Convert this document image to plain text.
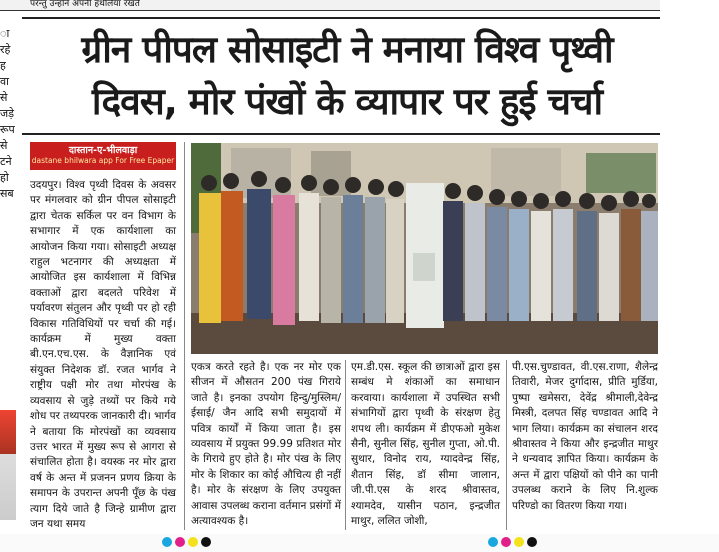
परन्तु उन्होंने अपनी हथेलियाँ रखते
ा
रहे
ह
वा
से
जड़े
रूप
से
टने
हो
सब
ग्रीन पीपल सोसाइटी ने मनाया विश्व पृथ्वी
दिवस, मोर पंखों के व्यापार पर हुई चर्चा
दास्तान-ए-भीलवाड़ा
dastane bhilwara app For Free Epaper
उदयपुर। विश्व पृथ्वी दिवस के अवसर पर मंगलवार को ग्रीन पीपल सोसाइटी द्वारा चेतक सर्किल पर वन विभाग के सभागार में एक कार्यशाला का आयोजन किया गया। सोसाइटी अध्यक्ष राहुल भटनागर की अध्यक्षता में आयोजित इस कार्यशाला में विभिन्न वक्ताओं द्वारा बदलते परिवेश में पर्यावरण संतुलन और पृथ्वी पर हो रही विकास गतिविधियों पर चर्चा की गई। कार्यक्रम में मुख्य वक्ता बी.एन.एच.एस. के वैज्ञानिक एवं संयुक्त निदेशक डॉ. रजत भार्गव ने राष्ट्रीय पक्षी मोर तथा मोरपंख के व्यवसाय से जुड़े तथ्यों पर किये गये शोध पर तथ्यपरक जानकारी दी। भार्गव ने बताया कि मोरपंखों का व्यवसाय उत्तर भारत में मुख्य रूप से आगरा से संचालित होता है। वयस्क नर मोर द्वारा वर्ष के अन्त में प्रजनन प्रणय क्रिया के समापन के उपरान्त अपनी पूँछ के पंख त्याग दिये जाते है जिन्हे ग्रामीण द्वारा जन यथा समय
एकत्र करते रहते है। एक नर मोर एक सीजन में औसतन 200 पंख गिराये जाते है। इनका उपयोग हिन्दु/मुस्लिम/ईसाई/ जैन आदि सभी समुदायों में पवित्र कार्यों में किया जाता है। इस व्यवसाय में प्रयुक्त 99.99 प्रतिशत मोर के गिराये हुए होते है। मोर पंख के लिए मोर के शिकार का कोई औचित्य ही नहीं है। मोर के संरक्षण के लिए उपयुक्त आवास उपलब्ध कराना वर्तमान प्रसंगों में अत्यावश्यक है।
एम.डी.एस. स्कूल की छात्राओं द्वारा इस सम्बंध मे शंकाओं का समाधान करवाया। कार्यशाला में उपस्थित सभी संभागियों द्वारा पृथ्वी के संरक्षण हेतु शपथ ली। कार्यक्रम में डीएफओ मुकेश सैनी, सुनील सिंह, सुनील गुप्ता, ओ.पी. सुथार, विनोद राय, ग्यादवेन्द्र सिंह, शैतान सिंह, डॉ सीमा जालान, जी.पी.एस के शरद श्रीवास्तव, श्यामदेव, यासीन पठान, इन्द्रजीत माथुर, ललित जोशी,
पी.एस.चुण्डावत, वी.एस.राणा, शैलेन्द्र तिवारी, मेजर दुर्गादास, प्रीति मुर्डिया, पुष्पा खमेसरा, देवेंद्र श्रीमाली,देवेन्द्र मिस्त्री, दलपत सिंह चण्डावत आदि ने भाग लिया। कार्यक्रम का संचालन शरद श्रीवास्तव ने किया और इन्द्रजीत माथुर ने धन्यवाद ज्ञापित किया। कार्यक्रम के अन्त में द्वारा पक्षियों को पीने का पानी उपलब्ध कराने के लिए नि.शुल्क परिण्डो का वितरण किया गया।
